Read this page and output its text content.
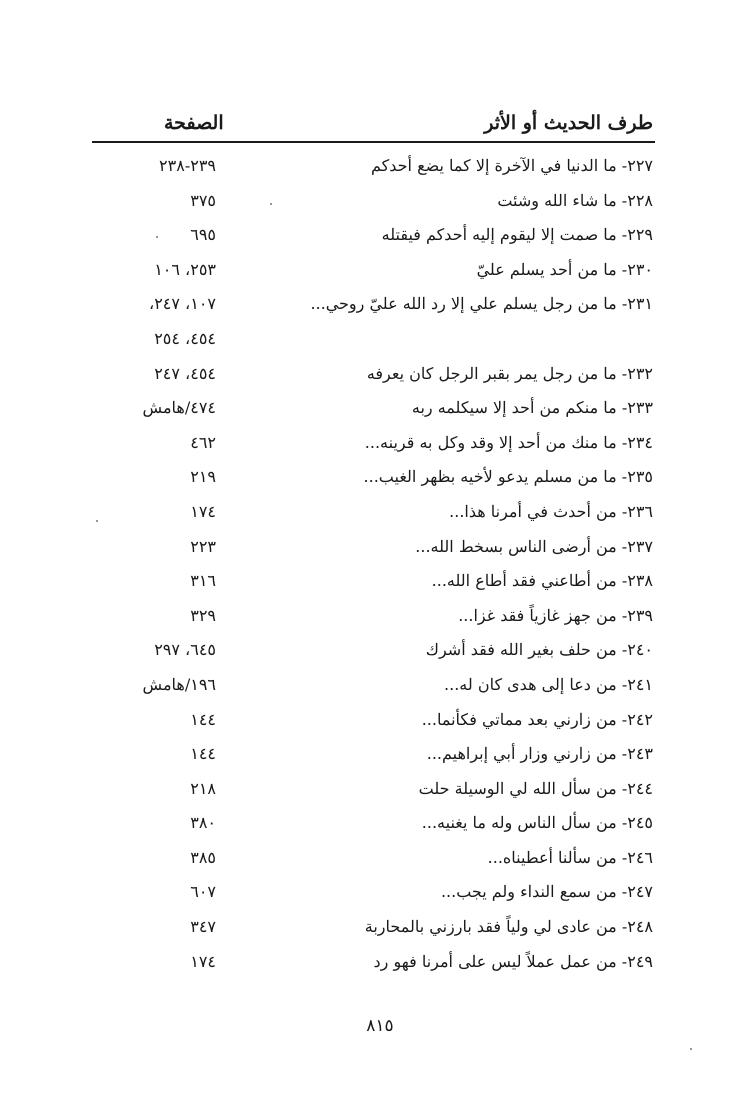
طرف الحديث أو الأثر
الصفحة
٢٢٧- ما الدنيا في الآخرة إلا كما يضع أحدكم
٢٣٩-٢٣٨
٢٢٨- ما شاء الله وشئت
٣٧٥
٢٢٩- ما صمت إلا ليقوم إليه أحدكم فيقتله
٦٩٥
٢٣٠- ما من أحد يسلم عليّ
٢٥٣، ١٠٦
٢٣١- ما من رجل يسلم علي إلا رد الله عليّ روحي...
١٠٧، ٢٤٧،
٤٥٤، ٢٥٤
٢٣٢- ما من رجل يمر بقبر الرجل كان يعرفه
٤٥٤، ٢٤٧
٢٣٣- ما منكم من أحد إلا سيكلمه ربه
٤٧٤/هامش
٢٣٤- ما منك من أحد إلا وقد وكل به قرينه...
٤٦٢
٢٣٥- ما من مسلم يدعو لأخيه بظهر الغيب...
٢١٩
٢٣٦- من أحدث في أمرنا هذا...
١٧٤
٢٣٧- من أرضى الناس بسخط الله...
٢٢٣
٢٣٨- من أطاعني فقد أطاع الله...
٣١٦
٢٣٩- من جهز غازياً فقد غزا...
٣٢٩
٢٤٠- من حلف بغير الله فقد أشرك
٦٤٥، ٢٩٧
٢٤١- من دعا إلى هدى كان له...
١٩٦/هامش
٢٤٢- من زارني بعد مماتي فكأنما...
١٤٤
٢٤٣- من زارني وزار أبي إبراهيم...
١٤٤
٢٤٤- من سأل الله لي الوسيلة حلت
٢١٨
٢٤٥- من سأل الناس وله ما يغنيه...
٣٨٠
٢٤٦- من سألنا أعطيناه...
٣٨٥
٢٤٧- من سمع النداء ولم يجب...
٦٠٧
٢٤٨- من عادى لي ولياً فقد بارزني بالمحاربة
٣٤٧
٢٤٩- من عمل عملاً ليس على أمرنا فهو رد
١٧٤
٨١٥
